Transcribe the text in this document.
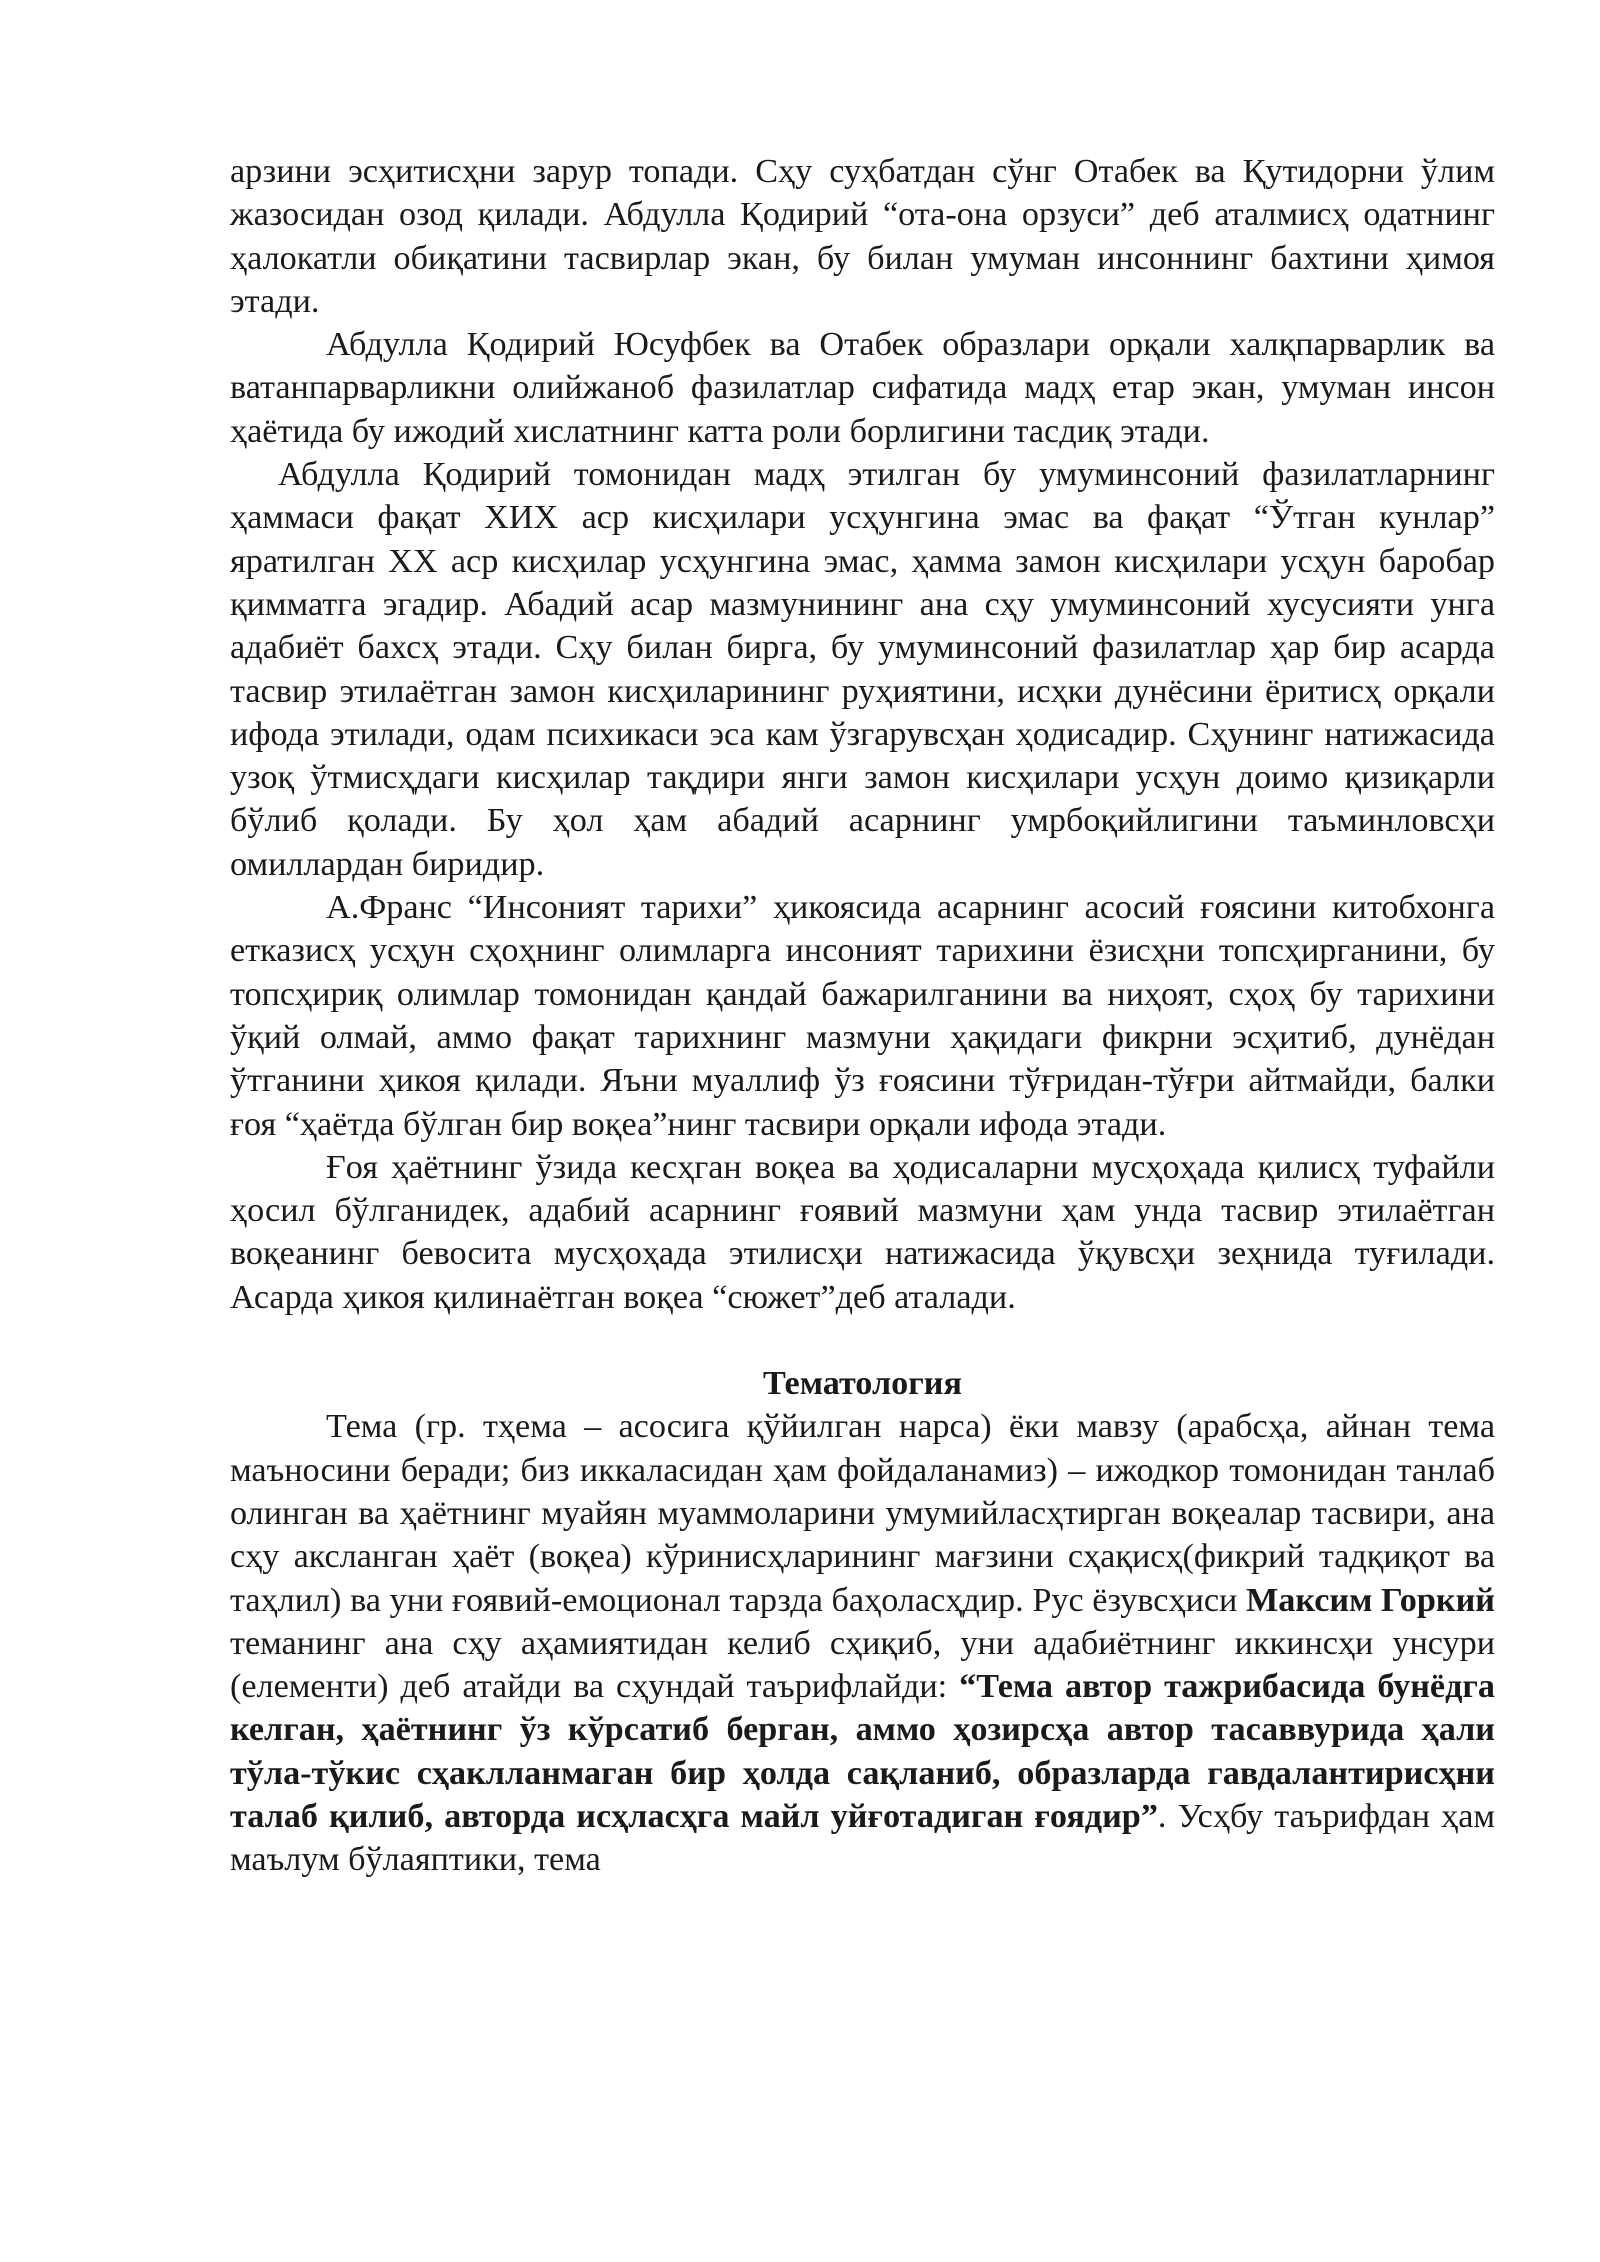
арзини эсҳитисҳни зарур топади. Сҳу суҳбатдан сўнг Отабек ва Қутидорни ўлим жазосидан озод қилади. Абдулла Қодирий “ота-она орзуси” деб аталмисҳ одатнинг ҳалокатли обиқатини тасвирлар экан, бу билан умуман инсоннинг бахтини ҳимоя этади.

Абдулла Қодирий Юсуфбек ва Отабек образлари орқали халқпарварлик ва ватанпарварликни олийжаноб фазилатлар сифатида мадҳ етар экан, умуман инсон ҳаётида бу ижодий хислатнинг катта роли борлигини тасдиқ этади.

Абдулла Қодирий томонидан мадҳ этилган бу умуминсоний фазилатларнинг ҳаммаси фақат ХИХ аср кисҳилари усҳунгина эмас ва фақат “Ўтган кунлар” яратилган ХХ аср кисҳилар усҳунгина эмас, ҳамма замон кисҳилари усҳун баробар қимматга эгадир. Абадий асар мазмунининг ана сҳу умуминсоний хусусияти унга адабиёт бахсҳ этади. Сҳу билан бирга, бу умуминсоний фазилатлар ҳар бир асарда тасвир этилаётган замон кисҳиларининг руҳиятини, исҳки дунёсини ёритисҳ орқали ифода этилади, одам психикаси эса кам ўзгарувсҳан ҳодисадир. Сҳунинг натижасида узоқ ўтмисҳдаги кисҳилар тақдири янги замон кисҳилари усҳун доимо қизиқарли бўлиб қолади. Бу ҳол ҳам абадий асарнинг умрбоқийлигини таъминловсҳи омиллардан биридир.

А.Франс “Инсоният тарихи” ҳикоясида асарнинг асосий ғоясини китобхонга етказисҳ усҳун сҳоҳнинг олимларга инсоният тарихини ёзисҳни топсҳирганини, бу топсҳириқ олимлар томонидан қандай бажарилганини ва ниҳоят, сҳоҳ бу тарихини ўқий олмай, аммо фақат тарихнинг мазмуни ҳақидаги фикрни эсҳитиб, дунёдан ўтганини ҳикоя қилади. Яъни муаллиф ўз ғоясини тўғридан-тўғри айтмайди, балки ғоя “ҳаётда бўлган бир воқеа”нинг тасвири орқали ифода этади.

Ғоя ҳаётнинг ўзида кесҳган воқеа ва ҳодисаларни мусҳоҳада қилисҳ туфайли ҳосил бўлганидек, адабий асарнинг ғоявий мазмуни ҳам унда тасвир этилаётган воқеанинг бевосита мусҳоҳада этилисҳи натижасида ўқувсҳи зеҳнида туғилади. Асарда ҳикоя қилинаётган воқеа “сюжет”деб аталади.

Тематология

Тема (гр. тҳема – асосига қўйилган нарса) ёки мавзу (арабсҳа, айнан тема маъносини беради; биз иккаласидан ҳам фойдаланамиз) – ижодкор томонидан танлаб олинган ва ҳаётнинг муайян муаммоларини умумийласҳтирган воқеалар тасвири, ана сҳу аксланган ҳаёт (воқеа) кўринисҳларининг мағзини сҳақисҳ(фикрий тадқиқот ва таҳлил) ва уни ғоявий-емоционал тарзда баҳоласҳдир. Рус ёзувсҳиси Максим Горкий теманинг ана сҳу аҳамиятидан келиб сҳиқиб, уни адабиётнинг иккинсҳи унсури (елементи) деб атайди ва сҳундай таърифлайди: “Тема автор тажрибасида бунёдга келган, ҳаётнинг ўз кўрсатиб берган, аммо ҳозирсҳа автор тасаввурида ҳали тўла-тўкис сҳаклланмаган бир ҳолда сақланиб, образларда гавдалантирисҳни талаб қилиб, авторда исҳласҳга майл уйғотадиган ғоядир”. Усҳбу таърифдан ҳам маълум бўлаяптики, тема
